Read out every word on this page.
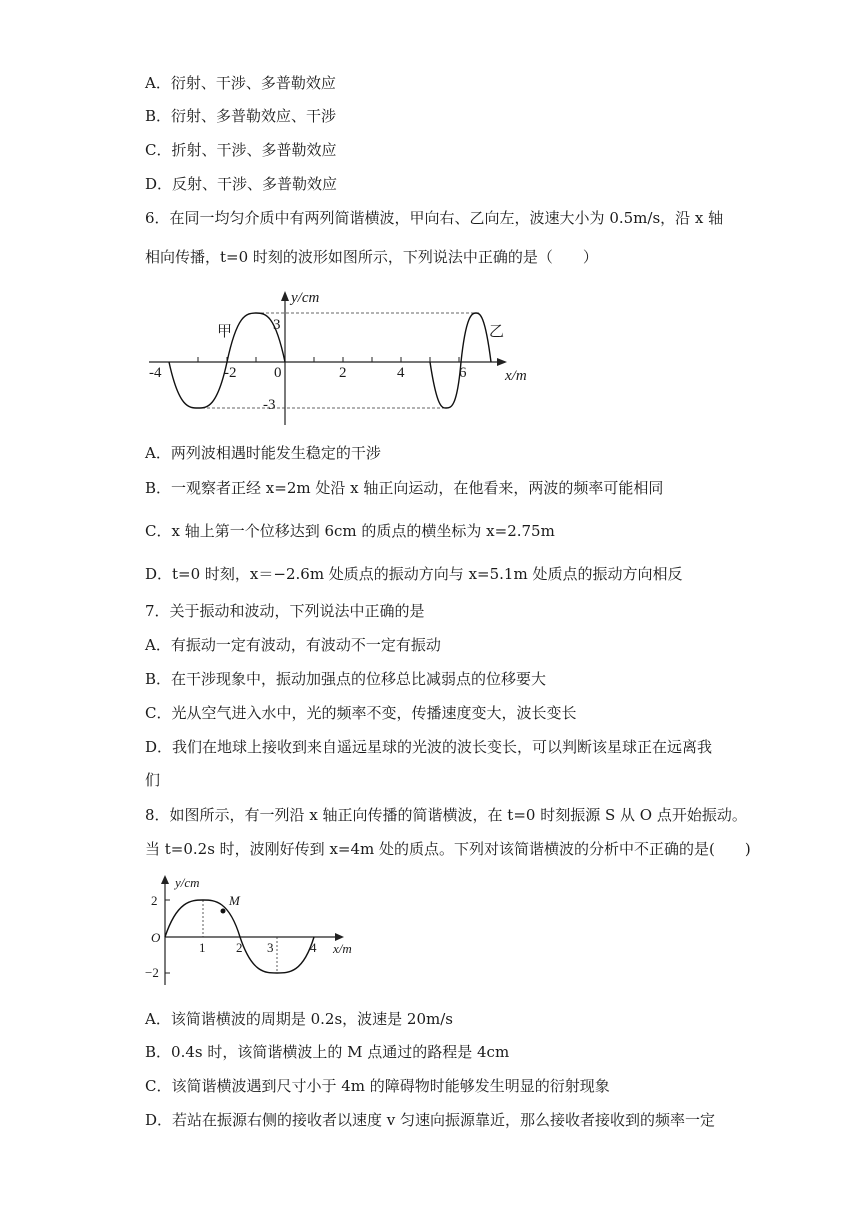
A．衍射、干涉、多普勒效应
B．衍射、多普勒效应、干涉
C．折射、干涉、多普勒效应
D．反射、干涉、多普勒效应
6．在同一均匀介质中有两列简谐横波，甲向右、乙向左，波速大小为 0.5m/s，沿 x 轴
相向传播，t=0 时刻的波形如图所示，下列说法中正确的是（　　）
y/cm
x/m
甲	乙
-4	-2	0	2	4	6
3
-3
A．两列波相遇时能发生稳定的干涉
B．一观察者正经 x=2m 处沿 x 轴正向运动，在他看来，两波的频率可能相同
C．x 轴上第一个位移达到 6cm 的质点的横坐标为 x=2.75m
D．t=0 时刻，x＝−2.6m 处质点的振动方向与 x=5.1m 处质点的振动方向相反
7．关于振动和波动，下列说法中正确的是
A．有振动一定有波动，有波动不一定有振动
B．在干涉现象中，振动加强点的位移总比减弱点的位移要大
C．光从空气进入水中，光的频率不变，传播速度变大，波长变长
D．我们在地球上接收到来自遥远星球的光波的波长变长，可以判断该星球正在远离我
们
8．如图所示，有一列沿 x 轴正向传播的简谐横波，在 t=0 时刻振源 S 从 O 点开始振动。
当 t=0.2s 时，波刚好传到 x=4m 处的质点。下列对该简谐横波的分析中不正确的是(　　)
y/cm
x/m
M
O
1 2 3	4
2
−2
A．该简谐横波的周期是 0.2s，波速是 20m/s
B．0.4s 时，该简谐横波上的 M 点通过的路程是 4cm
C．该简谐横波遇到尺寸小于 4m 的障碍物时能够发生明显的衍射现象
D．若站在振源右侧的接收者以速度 v 匀速向振源靠近，那么接收者接收到的频率一定
